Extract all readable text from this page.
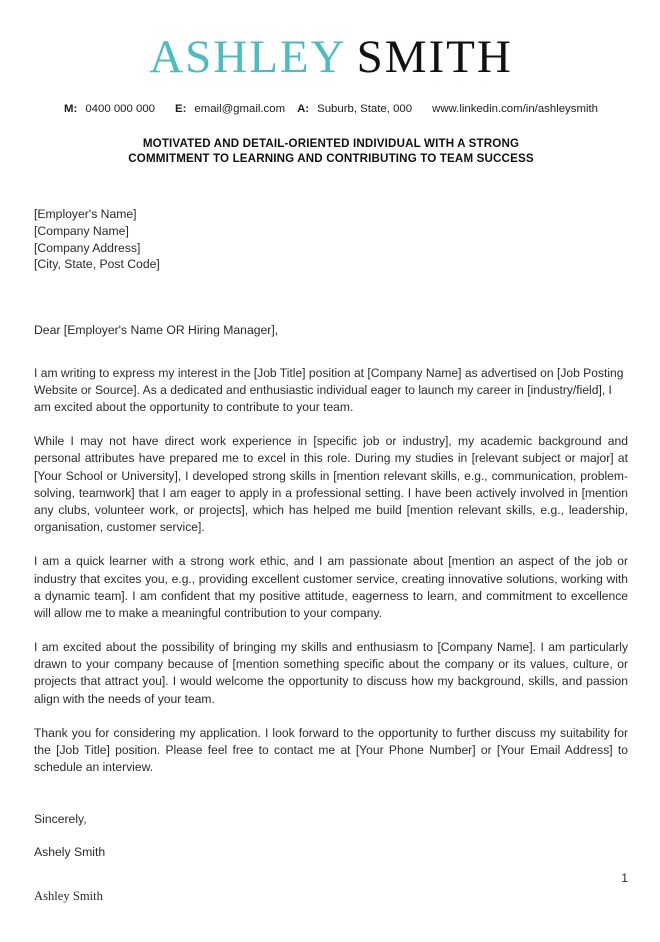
ASHLEY SMITH
M: 0400 000 000 E: email@gmail.com A: Suburb, State, 000 www.linkedin.com/in/ashleysmith
MOTIVATED AND DETAIL-ORIENTED INDIVIDUAL WITH A STRONG
COMMITMENT TO LEARNING AND CONTRIBUTING TO TEAM SUCCESS
[Employer's Name]
[Company Name]
[Company Address]
[City, State, Post Code]
Dear [Employer's Name OR Hiring Manager],

I am writing to express my interest in the [Job Title] position at [Company Name] as advertised on [Job Posting Website or Source]. As a dedicated and enthusiastic individual eager to launch my career in [industry/field], I am excited about the opportunity to contribute to your team.

While I may not have direct work experience in [specific job or industry], my academic background and personal attributes have prepared me to excel in this role. During my studies in [relevant subject or major] at [Your School or University], I developed strong skills in [mention relevant skills, e.g., communication, problem-solving, teamwork] that I am eager to apply in a professional setting. I have been actively involved in [mention any clubs, volunteer work, or projects], which has helped me build [mention relevant skills, e.g., leadership, organisation, customer service].

I am a quick learner with a strong work ethic, and I am passionate about [mention an aspect of the job or industry that excites you, e.g., providing excellent customer service, creating innovative solutions, working with a dynamic team]. I am confident that my positive attitude, eagerness to learn, and commitment to excellence will allow me to make a meaningful contribution to your company.

I am excited about the possibility of bringing my skills and enthusiasm to [Company Name]. I am particularly drawn to your company because of [mention something specific about the company or its values, culture, or projects that attract you]. I would welcome the opportunity to discuss how my background, skills, and passion align with the needs of your team.

Thank you for considering my application. I look forward to the opportunity to further discuss my suitability for the [Job Title] position. Please feel free to contact me at [Your Phone Number] or [Your Email Address] to schedule an interview.

Sincerely,
Ashely Smith
Ashley Smith
1
